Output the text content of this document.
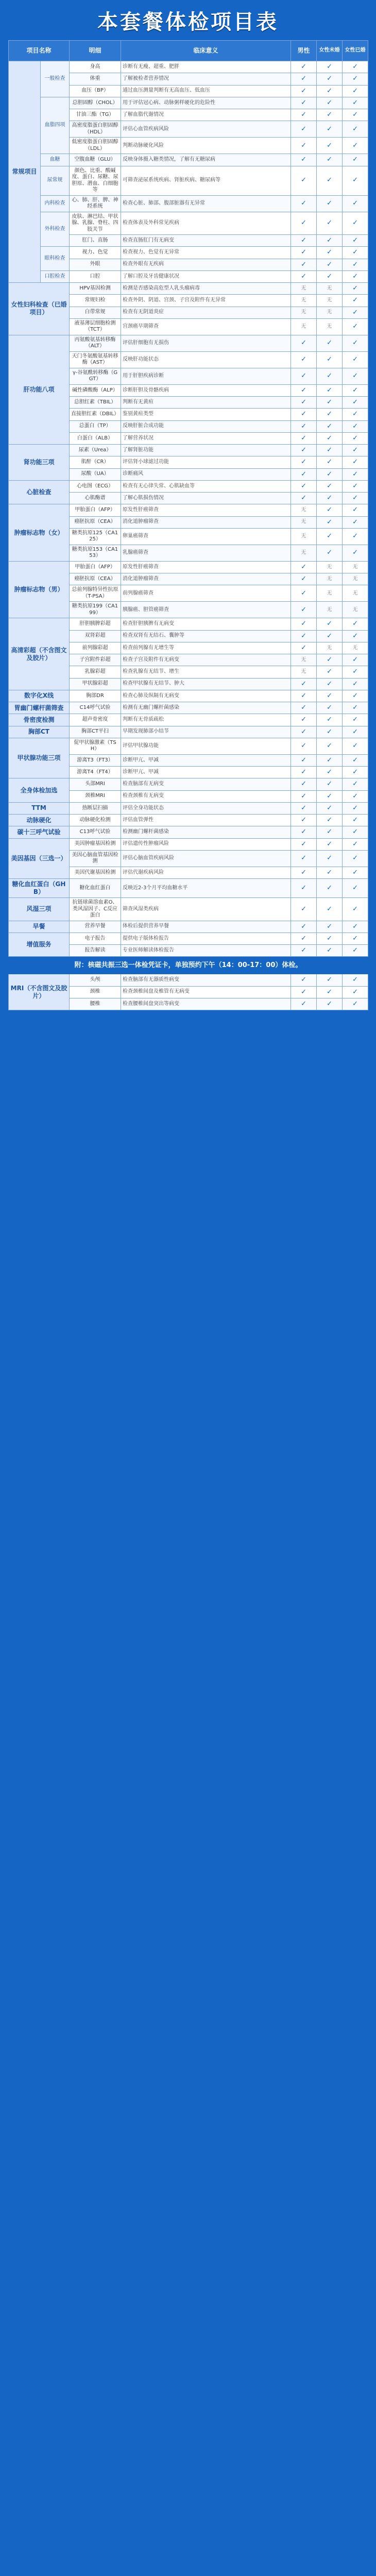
本套餐体检项目表
项目名称		明细	临床意义	男性	女性未婚	女性已婚
常规项目	一般检查	身高	诊断有无瘦、超重、肥胖	✓	✓	✓
		体重	了解被检者营养情况	✓	✓	✓
		血压（BP）	通过血压测量判断有无高血压、低血压	✓	✓	✓
	血脂四项	总胆固醇（CHOL）	用于评估冠心病、动脉粥样硬化的危险性	✓	✓	✓
		甘油三酯（TG）	了解血脂代谢情况	✓	✓	✓
		高密度脂蛋白胆固醇（HDL）	评估心血管疾病风险	✓	✓	✓
		低密度脂蛋白胆固醇（LDL）	判断动脉硬化风险	✓	✓	✓
	血糖	空腹血糖（GLU）	反映身体摄入糖类情况，了解有无糖尿病	✓	✓	✓
	尿常规	颜色、比重、酸碱度、蛋白、尿糖、尿胆原、潜血、白细胞等	可筛查泌尿系统疾病、肾脏疾病、糖尿病等	✓	✓	✓
	内科检查	心、肺、肝、脾、神经系统	检查心脏、肺部、腹部脏器有无异常	✓	✓	✓
	外科检查	皮肤、淋巴结、甲状腺、乳腺、脊柱、四肢关节	检查体表及外科常见疾病	✓	✓	✓
		肛门、直肠	检查直肠肛门有无病变	✓	✓	✓
	眼科检查	视力、色觉	检查视力、色觉有无异常	✓	✓	✓
		外眼	检查外眼有无疾病	✓	✓	✓
	口腔检查	口腔	了解口腔及牙齿健康状况	✓	✓	✓
女性妇科检查（已婚项目）		HPV基因检测	检测是否感染高危型人乳头瘤病毒	无	无	✓
		常规妇检	检查外阴、阴道、宫颈、子宫及附件有无异常	无	无	✓
		白带常规	检查有无阴道炎症	无	无	✓
		液基薄层细胞检测（TCT）	宫颈癌早期筛查	无	无	✓
肝功能八项		丙氨酸氨基转移酶（ALT）	评估肝细胞有无损伤	✓	✓	✓
		天门冬氨酸氨基转移酶（AST）	反映肝功能状态	✓	✓	✓
		γ-谷氨酰转移酶（GGT）	用于肝胆疾病诊断	✓	✓	✓
		碱性磷酸酶（ALP）	诊断肝胆及骨骼疾病	✓	✓	✓
		总胆红素（TBIL）	判断有无黄疸	✓	✓	✓
		直接胆红素（DBIL）	鉴别黄疸类型	✓	✓	✓
		总蛋白（TP）	反映肝脏合成功能	✓	✓	✓
		白蛋白（ALB）	了解营养状况	✓	✓	✓
肾功能三项		尿素（Urea）	了解肾脏功能	✓	✓	✓
		肌酐（CR）	评估肾小球滤过功能	✓	✓	✓
		尿酸（UA）	诊断痛风	✓	✓	✓
心脏检查		心电图（ECG）	检查有无心律失常、心肌缺血等	✓	✓	✓
		心肌酶谱	了解心肌损伤情况	✓	✓	✓
肿瘤标志物（女）		甲胎蛋白（AFP）	原发性肝癌筛查	无	✓	✓
		癌胚抗原（CEA）	消化道肿瘤筛查	无	✓	✓
		糖类抗原125（CA125）	卵巢癌筛查	无	✓	✓
		糖类抗原153（CA153）	乳腺癌筛查	无	✓	✓
肿瘤标志物（男）		甲胎蛋白（AFP）	原发性肝癌筛查	✓	无	无
		癌胚抗原（CEA）	消化道肿瘤筛查	✓	无	无
		总前列腺特异性抗原（T-PSA）	前列腺癌筛查	✓	无	无
		糖类抗原199（CA199）	胰腺癌、胆管癌筛查	✓	无	无
高清彩超（不含图文及胶片）		肝胆胰脾彩超	检查肝胆胰脾有无病变	✓	✓	✓
		双肾彩超	检查双肾有无结石、囊肿等	✓	✓	✓
		前列腺彩超	检查前列腺有无增生等	✓	无	无
		子宫附件彩超	检查子宫及附件有无病变	无	✓	✓
		乳腺彩超	检查乳腺有无结节、增生	无	✓	✓
		甲状腺彩超	检查甲状腺有无结节、肿大	✓	✓	✓
数字化X线		胸部DR	检查心肺及纵隔有无病变	✓	✓	✓
胃幽门螺杆菌筛查		C14呼气试验	检测有无幽门螺杆菌感染	✓	✓	✓
骨密度检测		超声骨密度	判断有无骨质疏松	✓	✓	✓
胸部CT		胸部CT平扫	早期发现肺部小结节	✓	✓	✓
甲状腺功能三项		促甲状腺激素（TSH）	评估甲状腺功能	✓	✓	✓
		游离T3（FT3）	诊断甲亢、甲减	✓	✓	✓
		游离T4（FT4）	诊断甲亢、甲减	✓	✓	✓
全身体检加选		头部MRI	检查脑部有无病变	✓	✓	✓
		颈椎MRI	检查颈椎有无病变	✓	✓	✓
TTM		热断层扫描	评估全身功能状态	✓	✓	✓
动脉硬化		动脉硬化检测	评估血管弹性	✓	✓	✓
碳十三呼气试验		C13呼气试验	检测幽门螺杆菌感染	✓	✓	✓
美因基因（三选一）		美因肿瘤基因检测	评估遗传性肿瘤风险	✓	✓	✓
		美因心脑血管基因检测	评估心脑血管疾病风险	✓	✓	✓
		美因代谢基因检测	评估代谢疾病风险	✓	✓	✓
糖化血红蛋白（GHB）		糖化血红蛋白	反映近2-3个月平均血糖水平	✓	✓	✓
风湿三项		抗链球菌溶血素O、类风湿因子、C反应蛋白	筛查风湿类疾病	✓	✓	✓
早餐		营养早餐	体检后提供营养早餐	✓	✓	✓
增值服务		电子报告	提供电子版体检报告	✓	✓	✓
		报告解读	专业医师解读体检报告	✓	✓	✓
附：核磁共振三选一体检凭证卡，单独预约下午（14：00-17：00）体检。						
MRI（不含图文及胶片）		头颅	检查脑部有无器质性病变	✓	✓	✓
		颈椎	检查颈椎间盘及椎管有无病变	✓	✓	✓
		腰椎	检查腰椎间盘突出等病变	✓	✓	✓
